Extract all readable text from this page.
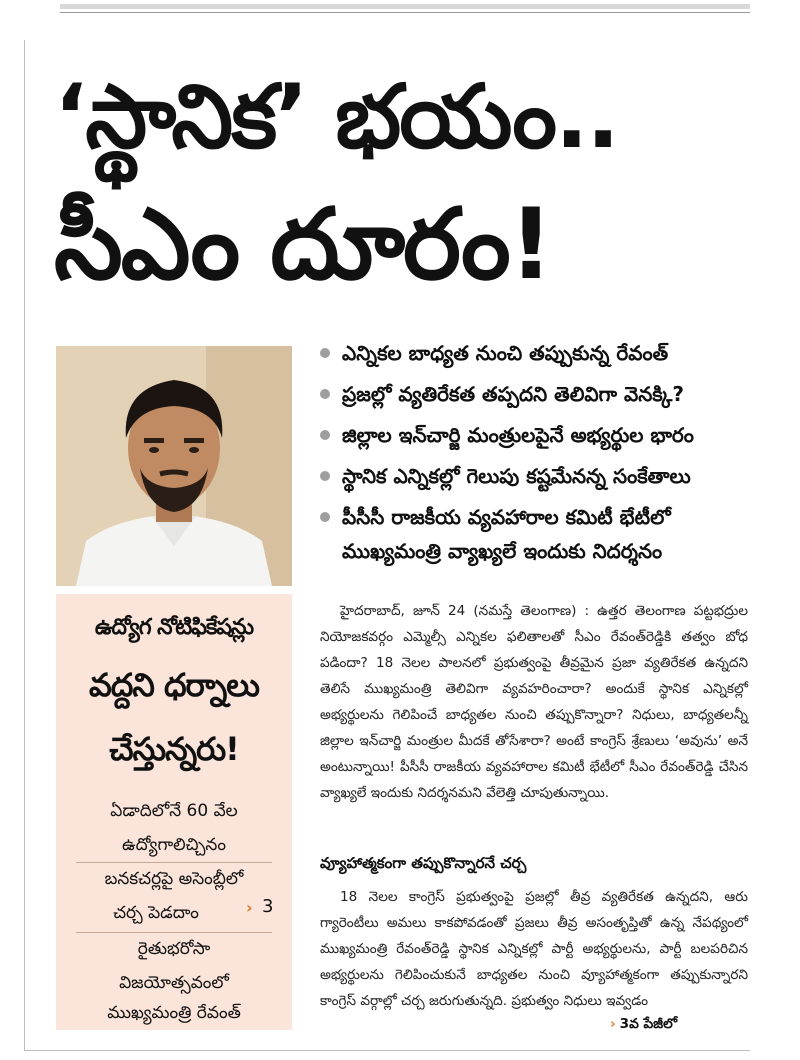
‘స్థానిక’ భయం..
సీఎం దూరం!
ఎన్నికల బాధ్యత నుంచి తప్పుకున్న రేవంత్
ప్రజల్లో వ్యతిరేకత తప్పదని తెలివిగా వెనక్కి?
జిల్లాల ఇన్‌చార్జి మంత్రులపైనే అభ్యర్థుల భారం
స్థానిక ఎన్నికల్లో గెలుపు కష్టమేనన్న సంకేతాలు
పీసీసీ రాజకీయ వ్యవహారాల కమిటీ భేటీలో ముఖ్యమంత్రి వ్యాఖ్యలే ఇందుకు నిదర్శనం
ఉద్యోగ నోటిఫికేషన్లు
వద్దని ధర్నాలు
చేస్తున్నరు!
ఏడాదిలోనే 60 వేల
ఉద్యోగాలిచ్చినం
బనకచర్లపై అసెంబ్లీలో
చర్చ పెడదాం	› 3
రైతుభరోసా
విజయోత్సవంలో
ముఖ్యమంత్రి రేవంత్

హైదరాబాద్, జూన్ 24 (నమస్తే తెలంగాణ) : ఉత్తర తెలంగాణ పట్టభద్రుల నియోజకవర్గం ఎమ్మెల్సీ ఎన్నికల ఫలితాలతో సీఎం రేవంత్‌రెడ్డికి తత్వం బోధ పడిందా? 18 నెలల పాలనలో ప్రభుత్వంపై తీవ్రమైన ప్రజా వ్యతిరేకత ఉన్నదని తెలిసే ముఖ్యమంత్రి తెలివిగా వ్యవహరించారా? అందుకే స్థానిక ఎన్నికల్లో అభ్యర్థులను గెలిపించే బాధ్యతల నుంచి తప్పుకొన్నారా? నిధులు, బాధ్యతలన్నీ జిల్లాల ఇన్‌చార్జి మంత్రుల మీదకే తోసేశారా? అంటే కాంగ్రెస్ శ్రేణులు ‘అవును’ అనే అంటున్నాయి! పీసీసీ రాజకీయ వ్యవహారాల కమిటీ భేటీలో సీఎం రేవంత్‌రెడ్డి చేసిన వ్యాఖ్యలే ఇందుకు నిదర్శనమని వేలెత్తి చూపుతున్నాయి.

వ్యూహాత్మకంగా తప్పుకొన్నారనే చర్చ

18 నెలల కాంగ్రెస్ ప్రభుత్వంపై ప్రజల్లో తీవ్ర వ్యతిరేకత ఉన్నదని, ఆరు గ్యారెంటీలు అమలు కాకపోవడంతో ప్రజలు తీవ్ర అసంతృప్తితో ఉన్న నేపథ్యంలో ముఖ్యమంత్రి రేవంత్‌రెడ్డి స్థానిక ఎన్నికల్లో పార్టీ అభ్యర్థులను, పార్టీ బలపరిచిన అభ్యర్థులను గెలిపించుకునే బాధ్యతల నుంచి వ్యూహాత్మకంగా తప్పుకున్నారని కాంగ్రెస్ వర్గాల్లో చర్చ జరుగుతున్నది. ప్రభుత్వం నిధులు ఇవ్వడం

› 3వ పేజీలో
